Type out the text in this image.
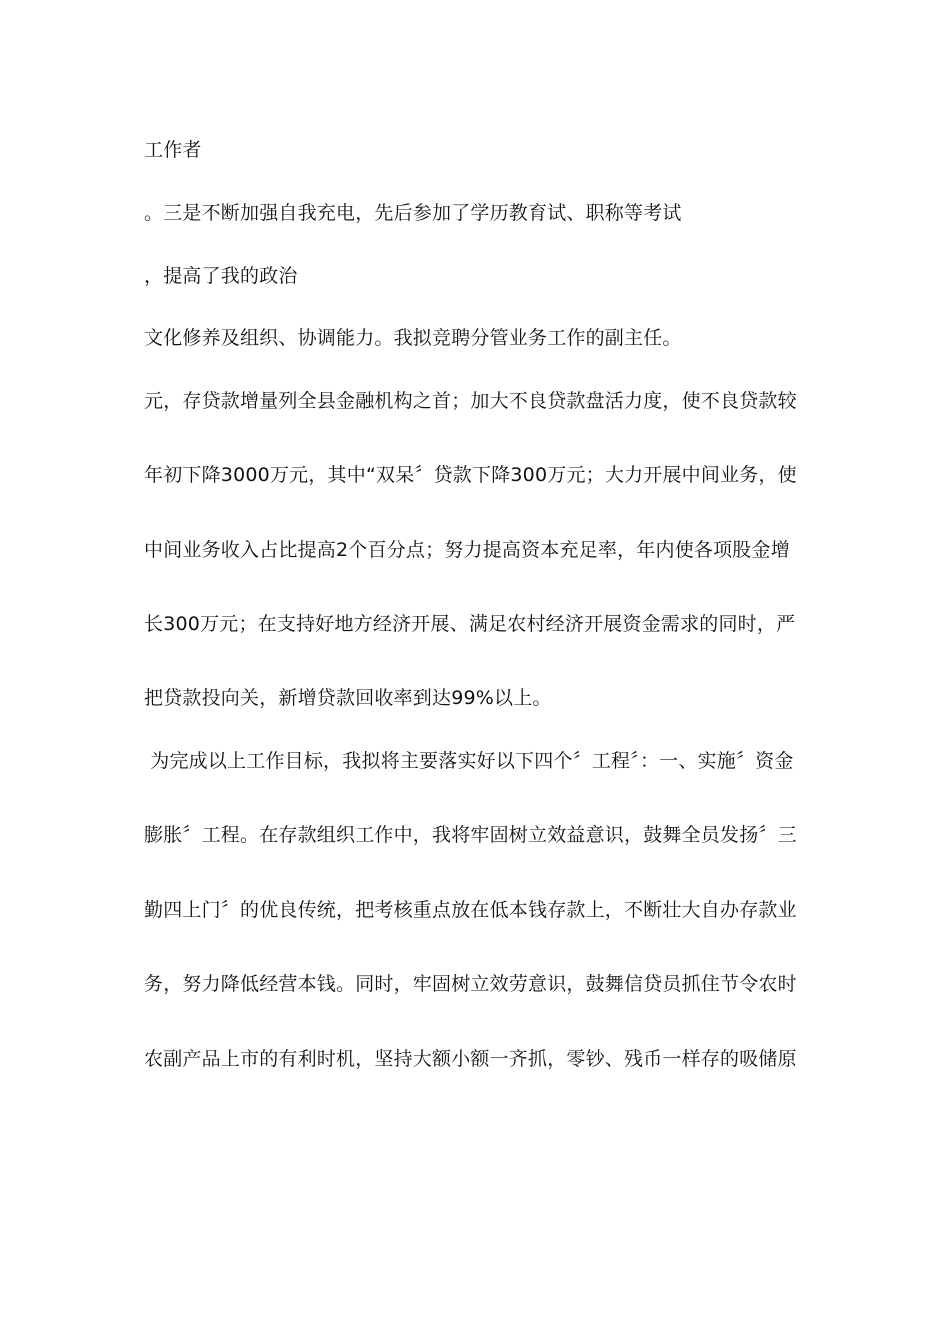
工作者
。三是不断加强自我充电，先后参加了学历教育试、职称等考试
，提高了我的政治
文化修养及组织、协调能力。我拟竞聘分管业务工作的副主任。
元，存贷款增量列全县金融机构之首；加大不良贷款盘活力度，使不良贷款较
年初下降3000万元，其中“双呆〞贷款下降300万元；大力开展中间业务，使
中间业务收入占比提高2个百分点；努力提高资本充足率，年内使各项股金增
长300万元；在支持好地方经济开展、满足农村经济开展资金需求的同时，严
把贷款投向关，新增贷款回收率到达99%以上。
为完成以上工作目标，我拟将主要落实好以下四个〞工程〞：一、实施〞资金
膨胀〞工程。在存款组织工作中，我将牢固树立效益意识，鼓舞全员发扬〞三
勤四上门〞的优良传统，把考核重点放在低本钱存款上，不断壮大自办存款业
务，努力降低经营本钱。同时，牢固树立效劳意识，鼓舞信贷员抓住节令农时
农副产品上市的有利时机，坚持大额小额一齐抓，零钞、残币一样存的吸储原
